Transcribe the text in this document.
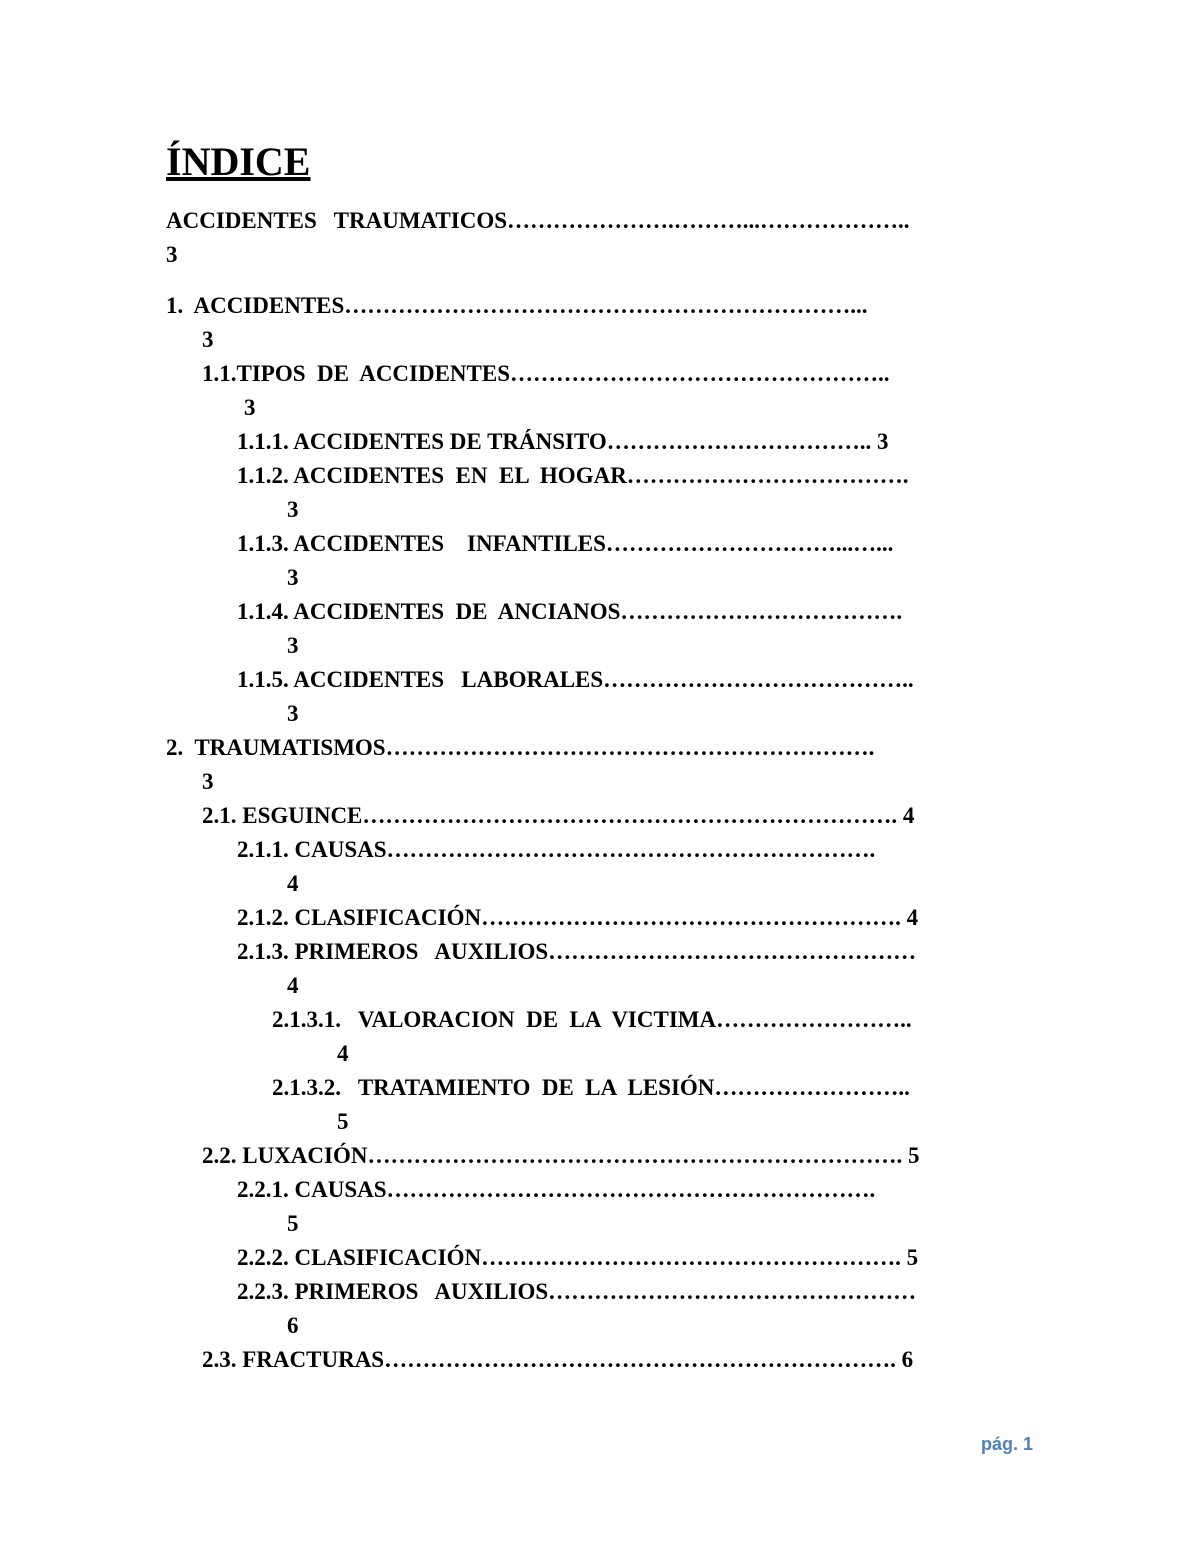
ÍNDICE
ACCIDENTES   TRAUMATICOS………………….………...………………..
3
1.  ACCIDENTES…………………………………………………………...
3
1.1.TIPOS  DE  ACCIDENTES…………………………………………..
3
1.1.1. ACCIDENTES DE TRÁNSITO…………………………….. 3
1.1.2. ACCIDENTES  EN  EL  HOGAR……………………………….
3
1.1.3. ACCIDENTES    INFANTILES…………………………...…...
3
1.1.4. ACCIDENTES  DE  ANCIANOS……………………………….
3
1.1.5. ACCIDENTES   LABORALES…………………………………..
3
2.  TRAUMATISMOS……………………………………………………….
3
2.1. ESGUINCE……………………………………………………………. 4
2.1.1. CAUSAS……………………………………………………….
4
2.1.2. CLASIFICACIÓN………………………………………………. 4
2.1.3. PRIMEROS   AUXILIOS…………………………………………
4
2.1.3.1.   VALORACION  DE  LA  VICTIMA……………………..
4
2.1.3.2.   TRATAMIENTO  DE  LA  LESIÓN……………………..
5
2.2. LUXACIÓN……………………………………………………………. 5
2.2.1. CAUSAS……………………………………………………….
5
2.2.2. CLASIFICACIÓN………………………………………………. 5
2.2.3. PRIMEROS   AUXILIOS…………………………………………
6
2.3. FRACTURAS…………………………………………………………. 6
pág. 1
